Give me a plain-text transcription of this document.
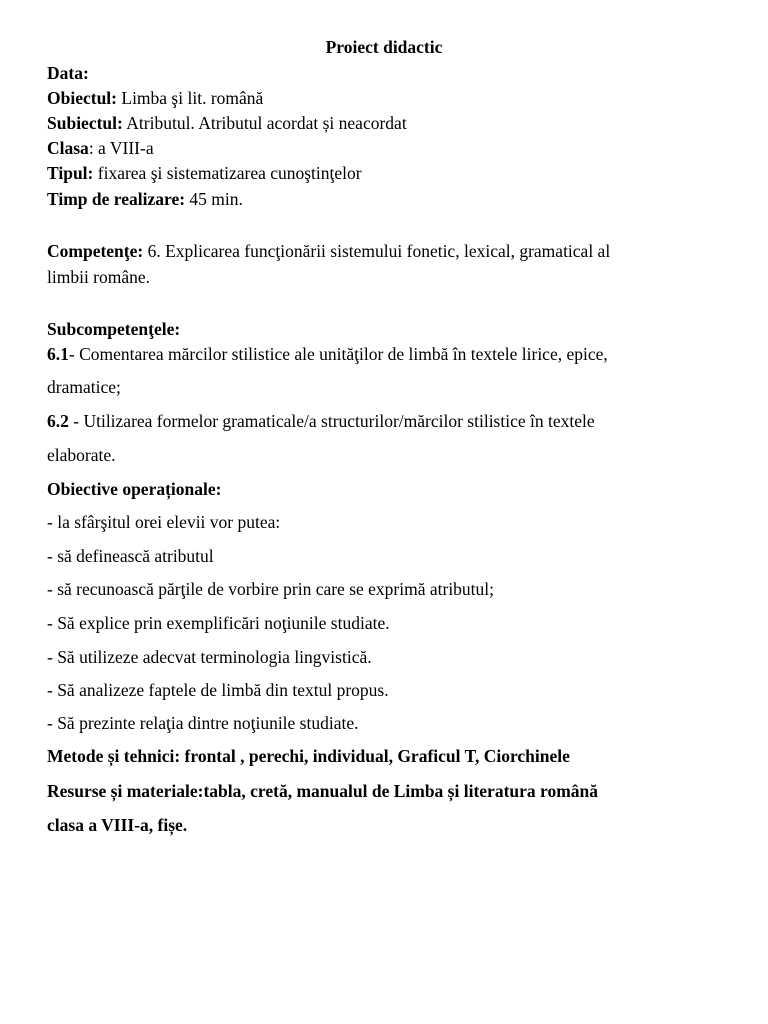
Proiect didactic
Data:
Obiectul: Limba şi lit. română
Subiectul: Atributul. Atributul acordat și neacordat
Clasa: a VIII-a
Tipul: fixarea şi sistematizarea cunoştinţelor
Timp de realizare: 45 min.
Competenţe: 6. Explicarea funcţionării sistemului fonetic, lexical, gramatical al
limbii române.
Subcompetenţele:
6.1- Comentarea mărcilor stilistice ale unităţilor de limbă în textele lirice, epice,
dramatice;
6.2 - Utilizarea formelor gramaticale/a structurilor/mărcilor stilistice în textele
elaborate.
Obiective operaționale:
- la sfârşitul orei elevii vor putea:
- să definească atributul
- să recunoască părţile de vorbire prin care se exprimă atributul;
- Să explice prin exemplificări noţiunile studiate.
- Să utilizeze adecvat terminologia lingvistică.
- Să analizeze faptele de limbă din textul propus.
- Să prezinte relaţia dintre noţiunile studiate.
Metode și tehnici: frontal , perechi, individual, Graficul T, Ciorchinele
Resurse și materiale:tabla, cretă, manualul de Limba și literatura română
clasa a VIII-a, fișe.
